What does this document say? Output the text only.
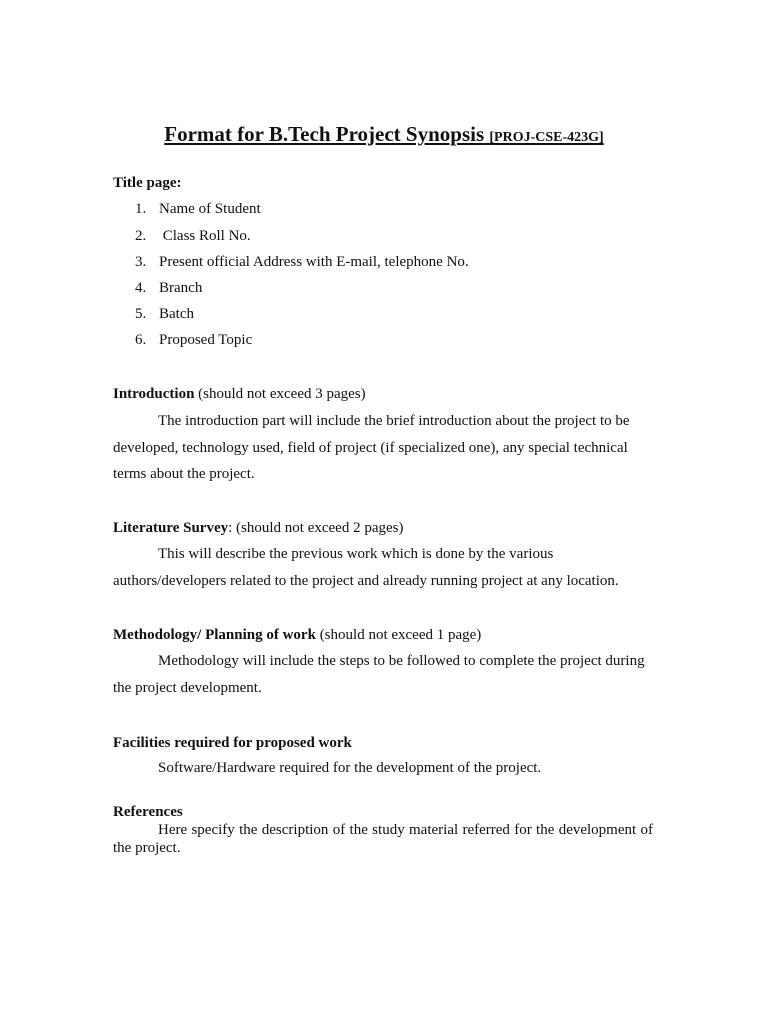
Format for B.Tech Project Synopsis [PROJ-CSE-423G]
Title page:
1. Name of Student
2. Class Roll No.
3. Present official Address with E-mail, telephone No.
4. Branch
5. Batch
6. Proposed Topic
Introduction (should not exceed 3 pages)
The introduction part will include the brief introduction about the project to be developed, technology used, field of project (if specialized one), any special technical terms about the project.
Literature Survey: (should not exceed 2 pages)
This will describe the previous work which is done by the various authors/developers related to the project and already running project at any location.
Methodology/ Planning of work (should not exceed 1 page)
Methodology will include the steps to be followed to complete the project during the project development.
Facilities required for proposed work
Software/Hardware required for the development of the project.
References
Here specify the description of the study material referred for the development of the project.
